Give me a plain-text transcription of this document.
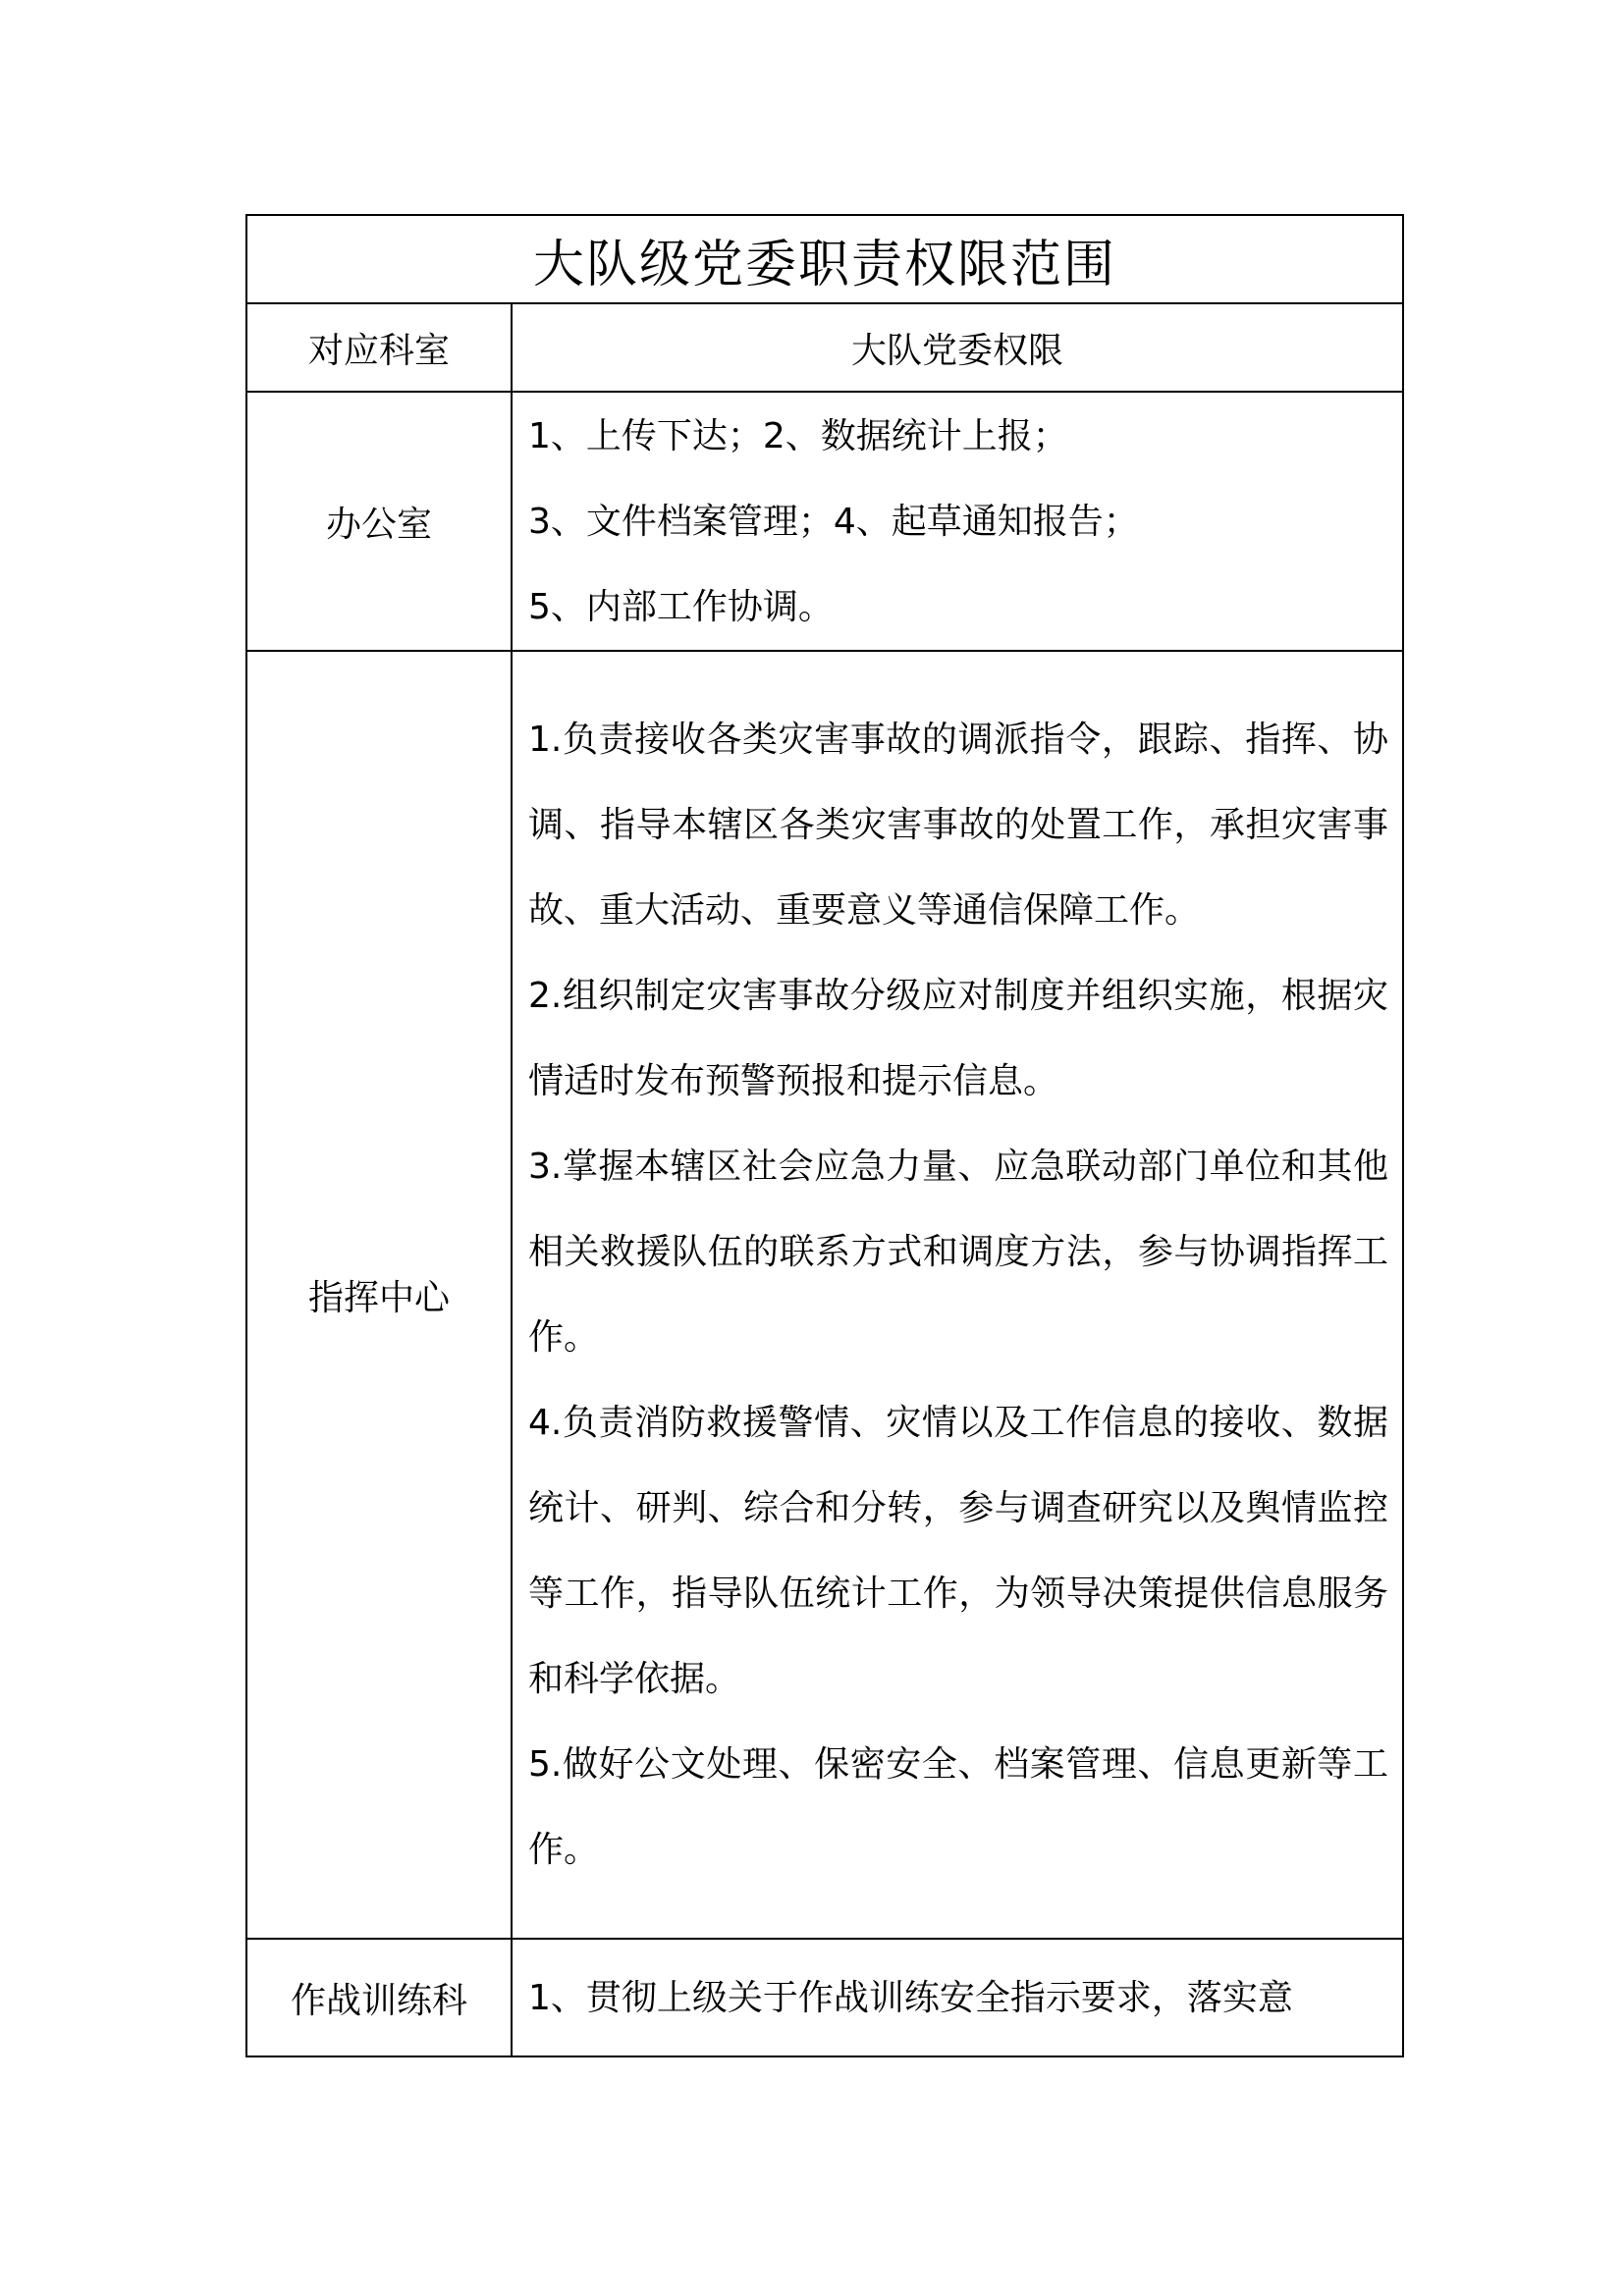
大队级党委职责权限范围	
对应科室	大队党委权限
办公室	1、上传下达；2、数据统计上报；
3、文件档案管理；4、起草通知报告；
5、内部工作协调。

指挥中心	1.负责接收各类灾害事故的调派指令，跟踪、指挥、协调、指导本辖区各类灾害事故的处置工作，承担灾害事故、重大活动、重要意义等通信保障工作。
2.组织制定灾害事故分级应对制度并组织实施，根据灾情适时发布预警预报和提示信息。
3.掌握本辖区社会应急力量、应急联动部门单位和其他相关救援队伍的联系方式和调度方法，参与协调指挥工作。
4.负责消防救援警情、灾情以及工作信息的接收、数据统计、研判、综合和分转，参与调查研究以及舆情监控等工作，指导队伍统计工作，为领导决策提供信息服务和科学依据。
5.做好公文处理、保密安全、档案管理、信息更新等工作。

作战训练科	1、贯彻上级关于作战训练安全指示要求，落实意
